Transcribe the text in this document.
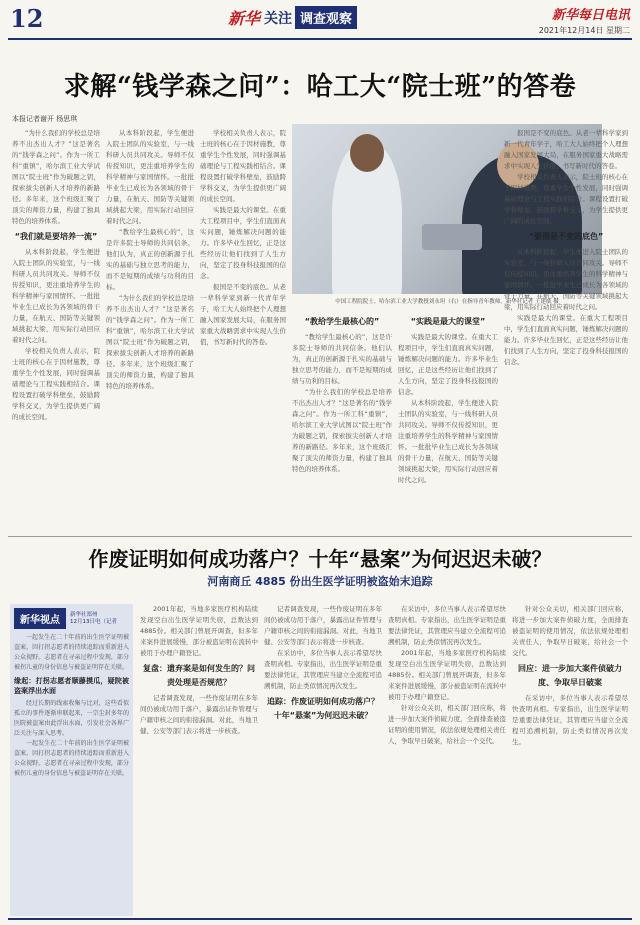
12	新华 关注 调查观察	新华每日电讯
2021年12月14日 星期二
求解“钱学森之问”：哈工大“院士班”的答卷
本报记者谢开 杨思琪

“为什么我们的学校总是培养不出杰出人才？”这是著名的“钱学森之问”。作为一所工科“重镇”，哈尔滨工业大学试图以“院士班”作为破题之钥，探索拔尖创新人才培养的新路径。多年来，这个班级汇聚了顶尖的师资力量，构建了独具特色的培养体系。

“我们就是要培养一流”

从本科阶段起，学生便进入院士团队的实验室，与一线科研人员共同攻关。导师不仅传授知识，更注重培养学生的科学精神与家国情怀。一批批毕业生已成长为各领域的骨干力量，在航天、国防等关键领域挑起大梁，用实际行动回应着时代之问。

学校相关负责人表示，院士班的核心在于因材施教，尊重学生个性发展，同时强调基础理论与工程实践相结合。课程设置打破学科壁垒，鼓励跨学科交叉，为学生提供更广阔的成长空间。

从本科阶段起，学生便进入院士团队的实验室，与一线科研人员共同攻关。导师不仅传授知识，更注重培养学生的科学精神与家国情怀。一批批毕业生已成长为各领域的骨干力量，在航天、国防等关键领域挑起大梁，用实际行动回应着时代之问。

“教给学生最核心的”，这是许多院士导师的共同信条。他们认为，真正的创新源于扎实的基础与独立思考的能力，而不是短期的成绩与功利的目标。

“为什么我们的学校总是培养不出杰出人才？”这是著名的“钱学森之问”。作为一所工科“重镇”，哈尔滨工业大学试图以“院士班”作为破题之钥，探索拔尖创新人才培养的新路径。多年来，这个班级汇聚了顶尖的师资力量，构建了独具特色的培养体系。

学校相关负责人表示，院士班的核心在于因材施教，尊重学生个性发展，同时强调基础理论与工程实践相结合。课程设置打破学科壁垒，鼓励跨学科交叉，为学生提供更广阔的成长空间。

实践是最大的课堂。在重大工程项目中，学生们直面真实问题，锤炼解决问题的能力。许多毕业生回忆，正是这些经历让他们找到了人生方向，坚定了投身科技报国的信念。

报国是不变的底色。从老一辈科学家到新一代青年学子，哈工大人始终把个人理想融入国家发展大局，在服务国家重大战略需求中实现人生价值，书写新时代的答卷。

中国工程院院士、哈尔滨工业大学教授刘永坦（右）在指导青年教师。新华社记者 王建威 摄

“教给学生最核心的”

“教给学生最核心的”，这是许多院士导师的共同信条。他们认为，真正的创新源于扎实的基础与独立思考的能力，而不是短期的成绩与功利的目标。

“为什么我们的学校总是培养不出杰出人才？”这是著名的“钱学森之问”。作为一所工科“重镇”，哈尔滨工业大学试图以“院士班”作为破题之钥，探索拔尖创新人才培养的新路径。多年来，这个班级汇聚了顶尖的师资力量，构建了独具特色的培养体系。

“实践是最大的课堂”

实践是最大的课堂。在重大工程项目中，学生们直面真实问题，锤炼解决问题的能力。许多毕业生回忆，正是这些经历让他们找到了人生方向，坚定了投身科技报国的信念。

从本科阶段起，学生便进入院士团队的实验室，与一线科研人员共同攻关。导师不仅传授知识，更注重培养学生的科学精神与家国情怀。一批批毕业生已成长为各领域的骨干力量，在航天、国防等关键领域挑起大梁，用实际行动回应着时代之问。

报国是不变的底色。从老一辈科学家到新一代青年学子，哈工大人始终把个人理想融入国家发展大局，在服务国家重大战略需求中实现人生价值，书写新时代的答卷。

学校相关负责人表示，院士班的核心在于因材施教，尊重学生个性发展，同时强调基础理论与工程实践相结合。课程设置打破学科壁垒，鼓励跨学科交叉，为学生提供更广阔的成长空间。

“要图是不变的底色”

从本科阶段起，学生便进入院士团队的实验室，与一线科研人员共同攻关。导师不仅传授知识，更注重培养学生的科学精神与家国情怀。一批批毕业生已成长为各领域的骨干力量，在航天、国防等关键领域挑起大梁，用实际行动回应着时代之问。

实践是最大的课堂。在重大工程项目中，学生们直面真实问题，锤炼解决问题的能力。许多毕业生回忆，正是这些经历让他们找到了人生方向，坚定了投身科技报国的信念。

作废证明如何成功落户？十年“悬案”为何迟迟未破？
河南商丘 4885 份出生医学证明被盗始末追踪
新华视点
新华社郑州
12月13日电（记者

一起发生在二十年前的出生医学证明被盗案，因打拐志愿者的持续追踪而重新进入公众视野。志愿者在寻亲过程中发现，部分被拐儿童的身份信息与被盗证明存在关联。

缘起：打拐志愿者顺藤摸瓜，疑院被盗案浮出水面

经过长期的线索收集与比对，这些看似孤立的事件逐渐串联起来，一宗尘封多年的医院被盗案由此浮出水面，引发社会各界广泛关注与深入思考。

一起发生在二十年前的出生医学证明被盗案，因打拐志愿者的持续追踪而重新进入公众视野。志愿者在寻亲过程中发现，部分被拐儿童的身份信息与被盗证明存在关联。

2001年起，当地多家医疗机构陆续发现空白出生医学证明失窃，总数达到4885份。相关部门曾展开调查，但多年来案件进展缓慢，部分被盗证明在流转中被用于办理户籍登记。

复盘：遗弃案是如何发生的？问责处理是否规范？

记者调查发现，一些作废证明在多年间仍被成功用于落户，暴露出证件管理与户籍审核之间的衔接漏洞。对此，当地卫健、公安等部门表示将进一步核查。

记者调查发现，一些作废证明在多年间仍被成功用于落户，暴露出证件管理与户籍审核之间的衔接漏洞。对此，当地卫健、公安等部门表示将进一步核查。

在采访中，多位当事人表示希望尽快查明真相。专家指出，出生医学证明是重要法律凭证，其管理应当建立全流程可追溯机制，防止类似情况再次发生。

追踪：作废证明如何成功落户？十年“悬案”为何迟迟未破？

在采访中，多位当事人表示希望尽快查明真相。专家指出，出生医学证明是重要法律凭证，其管理应当建立全流程可追溯机制，防止类似情况再次发生。

2001年起，当地多家医疗机构陆续发现空白出生医学证明失窃，总数达到4885份。相关部门曾展开调查，但多年来案件进展缓慢，部分被盗证明在流转中被用于办理户籍登记。

针对公众关切，相关部门回应称，将进一步加大案件侦破力度，全面排查被盗证明的使用情况，依法依规处理相关责任人，争取早日破案，给社会一个交代。

针对公众关切，相关部门回应称，将进一步加大案件侦破力度，全面排查被盗证明的使用情况，依法依规处理相关责任人，争取早日破案，给社会一个交代。

回应：进一步加大案件侦破力度、争取早日破案

在采访中，多位当事人表示希望尽快查明真相。专家指出，出生医学证明是重要法律凭证，其管理应当建立全流程可追溯机制，防止类似情况再次发生。
